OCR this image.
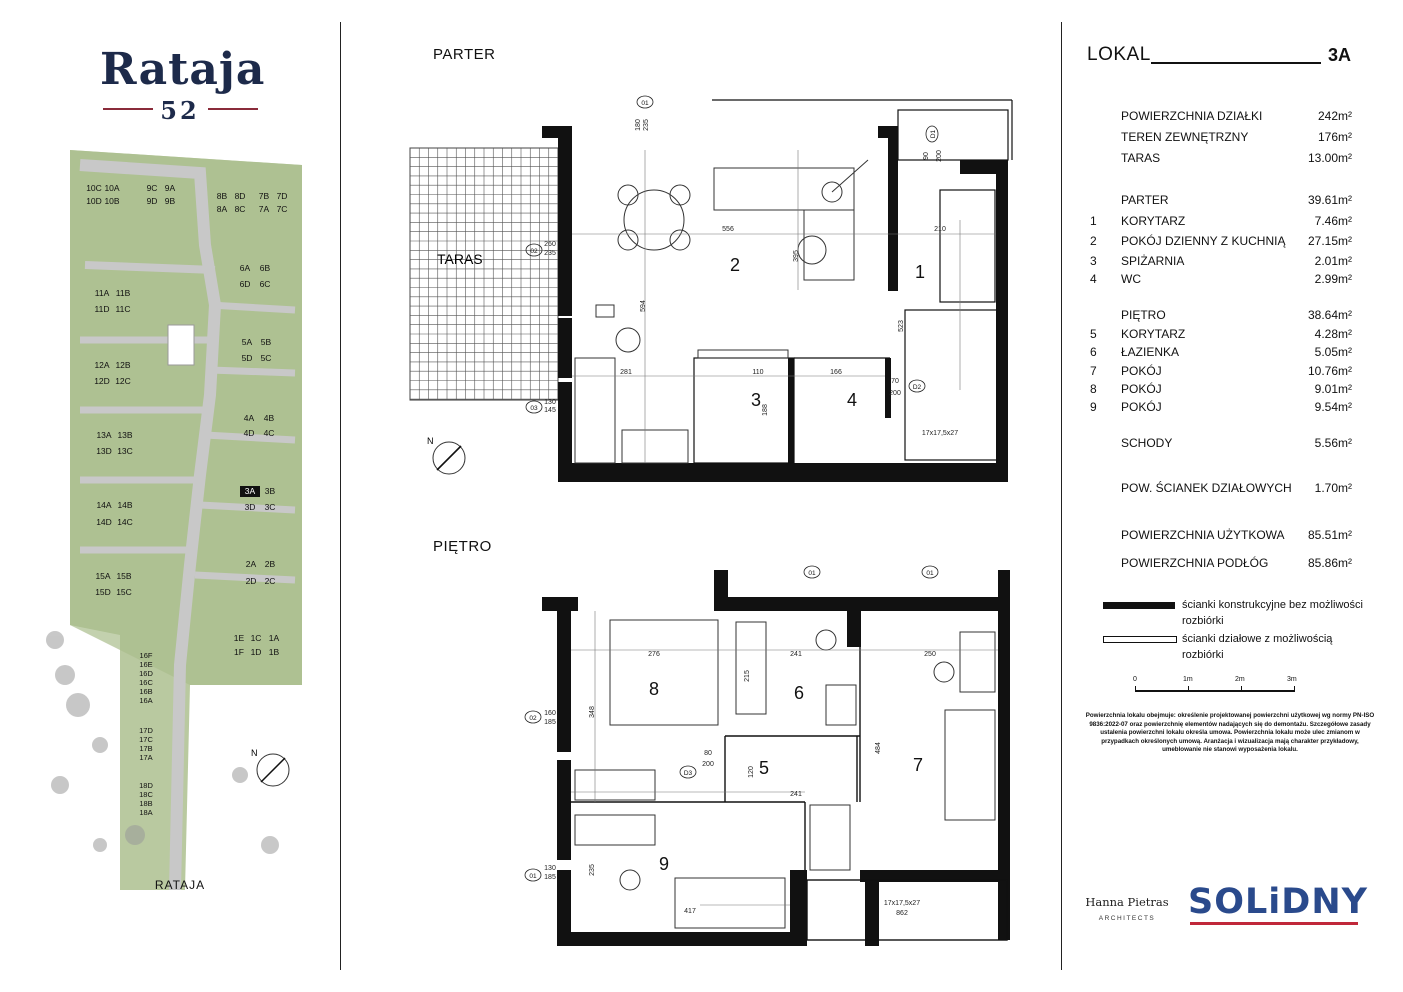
Rataja
52
N
10C 10A
10D 10B
9C 9A
9D 9B	8B 8D
8A 8C
7B 7D
7A 7C
6A 6B
6D 6C
11A 11B
11D 11C
5A 5B
5D 5C
12A 12B
12D 12C
4A 4B
4D 4C
13A 13B
13D 13C
3A 3B
3D 3C
14A 14B
14D 14C
2A 2B
2D 2C
15A 15B
15D 15C
1E 1C 1A
1F 1D 1B
16F
16E
16D
16C
16B
16A
17D
17C
17B
17A
18D
18C
18B
18A
RATAJA
PARTER
PIĘTRO
TARAS
556	210
395
594
523
281	110	166
188
260
235
130
145
180 235
90 200
70
200
17x17,5x27
01
02
03
D2
D1
N
2	1
3	4
276	241	250
348
215
484
120
241
235
417	862
17x17,5x27
160
185
130
185
80
200
02
01
01	01
D3	5
6
7
8
9
LOKAL	3A
POWIERZCHNIA DZIAŁKI	242m²
TEREN ZEWNĘTRZNY	176m²
TARAS	13.00m²
PARTER	39.61m²
1	KORYTARZ	7.46m²
2	POKÓJ DZIENNY Z KUCHNIĄ 27.15m²
3	SPIŻARNIA	2.01m²
4	WC	2.99m²
PIĘTRO	38.64m²
5	KORYTARZ	4.28m²
6	ŁAZIENKA	5.05m²
7	POKÓJ	10.76m²
8	POKÓJ	9.01m²
9	POKÓJ	9.54m²
SCHODY	5.56m²
POW. ŚCIANEK DZIAŁOWYCH 1.70m²
POWIERZCHNIA UŻYTKOWA 85.51m²
POWIERZCHNIA PODŁÓG	85.86m²
ścianki konstrukcyjne bez możliwości rozbiórki
ścianki działowe z możliwością rozbiórki
0	1m	2m	3m
Powierzchnia lokalu obejmuje: określenie projektowanej powierzchni użytkowej wg normy PN-ISO 9836:2022-07 oraz powierzchnię elementów nadających się do demontażu. Szczegółowe zasady ustalenia powierzchni lokalu określa umowa. Powierzchnia lokalu może ulec zmianom w przypadkach określonych umową. Aranżacja i wizualizacja mają charakter przykładowy, umeblowanie nie stanowi wyposażenia lokalu.
Hanna Pietras
ARCHITECTS SOLiDNY
